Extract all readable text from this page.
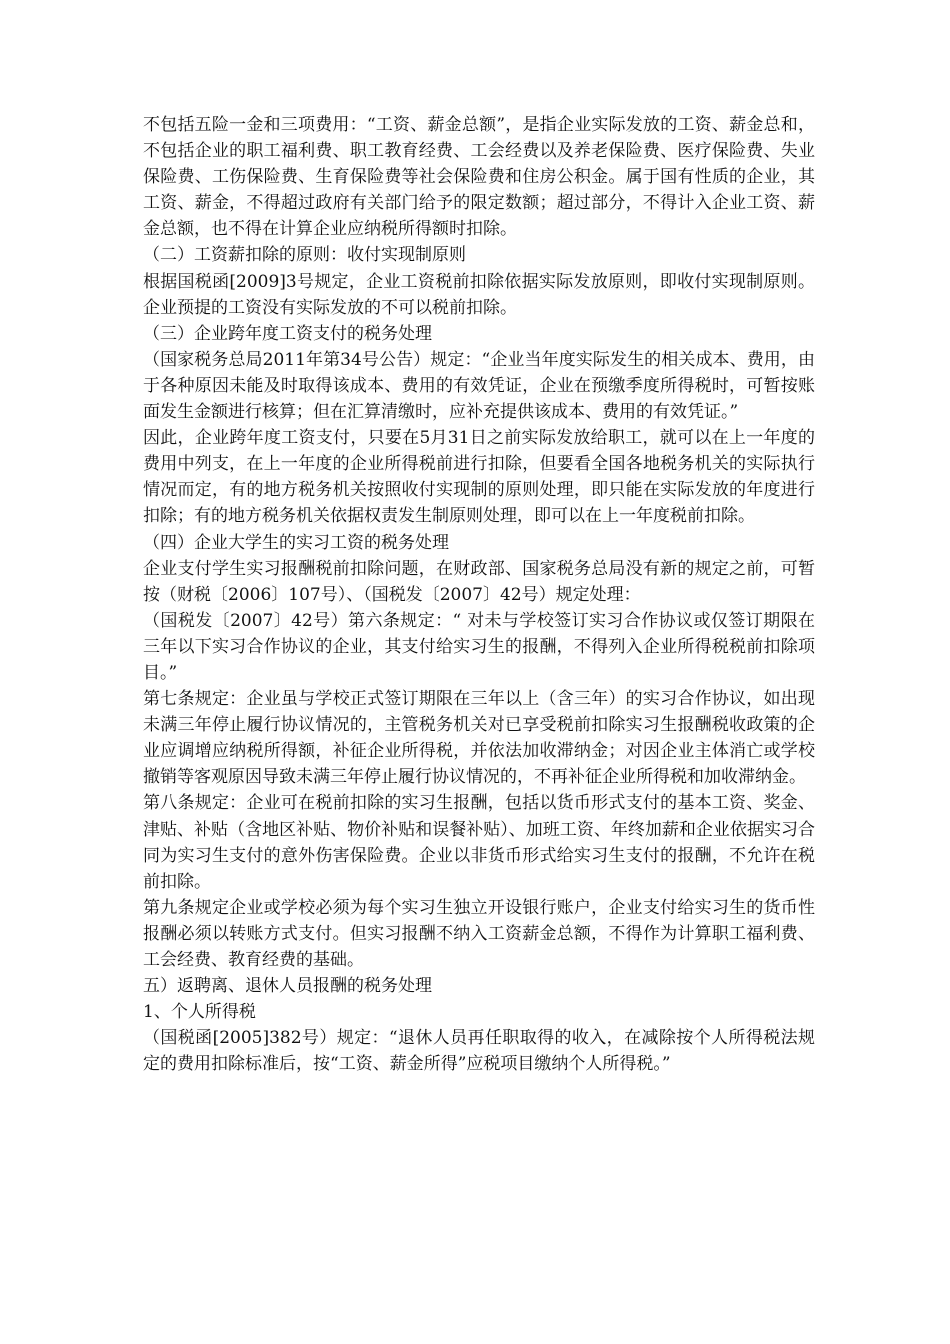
不包括五险一金和三项费用：“工资、薪金总额”，是指企业实际发放的工资、薪金总和，不包括企业的职工福利费、职工教育经费、工会经费以及养老保险费、医疗保险费、失业保险费、工伤保险费、生育保险费等社会保险费和住房公积金。属于国有性质的企业，其工资、薪金，不得超过政府有关部门给予的限定数额；超过部分，不得计入企业工资、薪金总额，也不得在计算企业应纳税所得额时扣除。

（二）工资薪扣除的原则：收付实现制原则

根据国税函[2009]3号规定，企业工资税前扣除依据实际发放原则，即收付实现制原则。企业预提的工资没有实际发放的不可以税前扣除。

（三）企业跨年度工资支付的税务处理

（国家税务总局2011年第34号公告）规定：“企业当年度实际发生的相关成本、费用，由于各种原因未能及时取得该成本、费用的有效凭证，企业在预缴季度所得税时，可暂按账面发生金额进行核算；但在汇算清缴时，应补充提供该成本、费用的有效凭证。”

因此，企业跨年度工资支付，只要在5月31日之前实际发放给职工，就可以在上一年度的费用中列支，在上一年度的企业所得税前进行扣除，但要看全国各地税务机关的实际执行情况而定，有的地方税务机关按照收付实现制的原则处理，即只能在实际发放的年度进行扣除；有的地方税务机关依据权责发生制原则处理，即可以在上一年度税前扣除。

（四）企业大学生的实习工资的税务处理

企业支付学生实习报酬税前扣除问题，在财政部、国家税务总局没有新的规定之前，可暂按（财税〔2006〕107号）、（国税发〔2007〕42号）规定处理：

（国税发〔2007〕42号）第六条规定：“ 对未与学校签订实习合作协议或仅签订期限在三年以下实习合作协议的企业，其支付给实习生的报酬，不得列入企业所得税税前扣除项目。”

第七条规定：企业虽与学校正式签订期限在三年以上（含三年）的实习合作协议，如出现未满三年停止履行协议情况的，主管税务机关对已享受税前扣除实习生报酬税收政策的企业应调增应纳税所得额，补征企业所得税，并依法加收滞纳金；对因企业主体消亡或学校撤销等客观原因导致未满三年停止履行协议情况的，不再补征企业所得税和加收滞纳金。

第八条规定：企业可在税前扣除的实习生报酬，包括以货币形式支付的基本工资、奖金、津贴、补贴（含地区补贴、物价补贴和误餐补贴）、加班工资、年终加薪和企业依据实习合同为实习生支付的意外伤害保险费。企业以非货币形式给实习生支付的报酬，不允许在税前扣除。

第九条规定企业或学校必须为每个实习生独立开设银行账户，企业支付给实习生的货币性报酬必须以转账方式支付。但实习报酬不纳入工资薪金总额，不得作为计算职工福利费、工会经费、教育经费的基础。

五）返聘离、退休人员报酬的税务处理

1、个人所得税

（国税函[2005]382号）规定：“退休人员再任职取得的收入，在减除按个人所得税法规定的费用扣除标准后，按“工资、薪金所得”应税项目缴纳个人所得税。”
